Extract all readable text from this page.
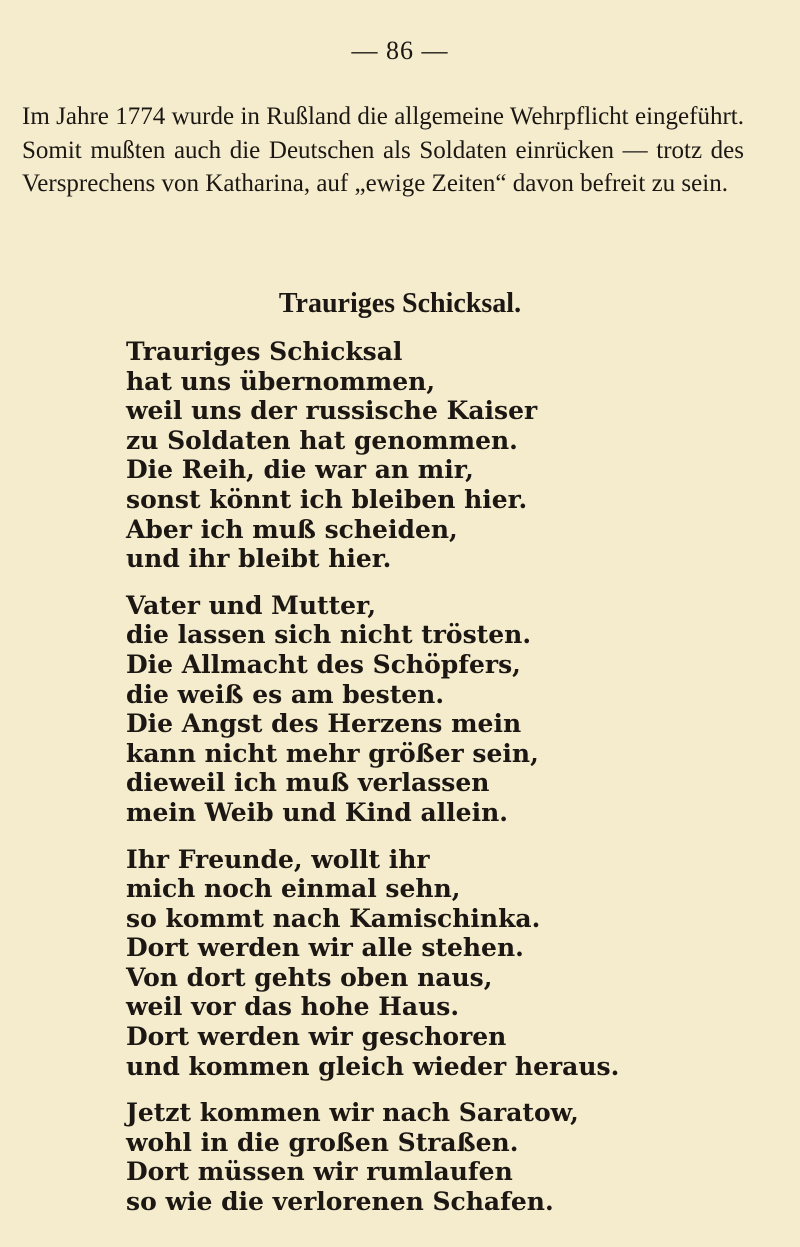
— 86 —

Im Jahre 1774 wurde in Rußland die allgemeine Wehrpflicht eingeführt. Somit mußten auch die Deutschen als Soldaten einrücken — trotz des Versprechens von Katharina, auf „ewige Zeiten“ davon befreit zu sein.

Trauriges Schicksal.
Trauriges Schicksal
hat uns übernommen,
weil uns der russische Kaiser
zu Soldaten hat genommen.
Die Reih, die war an mir,
sonst könnt ich bleiben hier.
Aber ich muß scheiden,
und ihr bleibt hier.
Vater und Mutter,
die lassen sich nicht trösten.
Die Allmacht des Schöpfers,
die weiß es am besten.
Die Angst des Herzens mein
kann nicht mehr größer sein,
dieweil ich muß verlassen
mein Weib und Kind allein.
Ihr Freunde, wollt ihr
mich noch einmal sehn,
so kommt nach Kamischinka.
Dort werden wir alle stehen.
Von dort gehts oben naus,
weil vor das hohe Haus.
Dort werden wir geschoren
und kommen gleich wieder heraus.
Jetzt kommen wir nach Saratow,
wohl in die großen Straßen.
Dort müssen wir rumlaufen
so wie die verlorenen Schafen.
